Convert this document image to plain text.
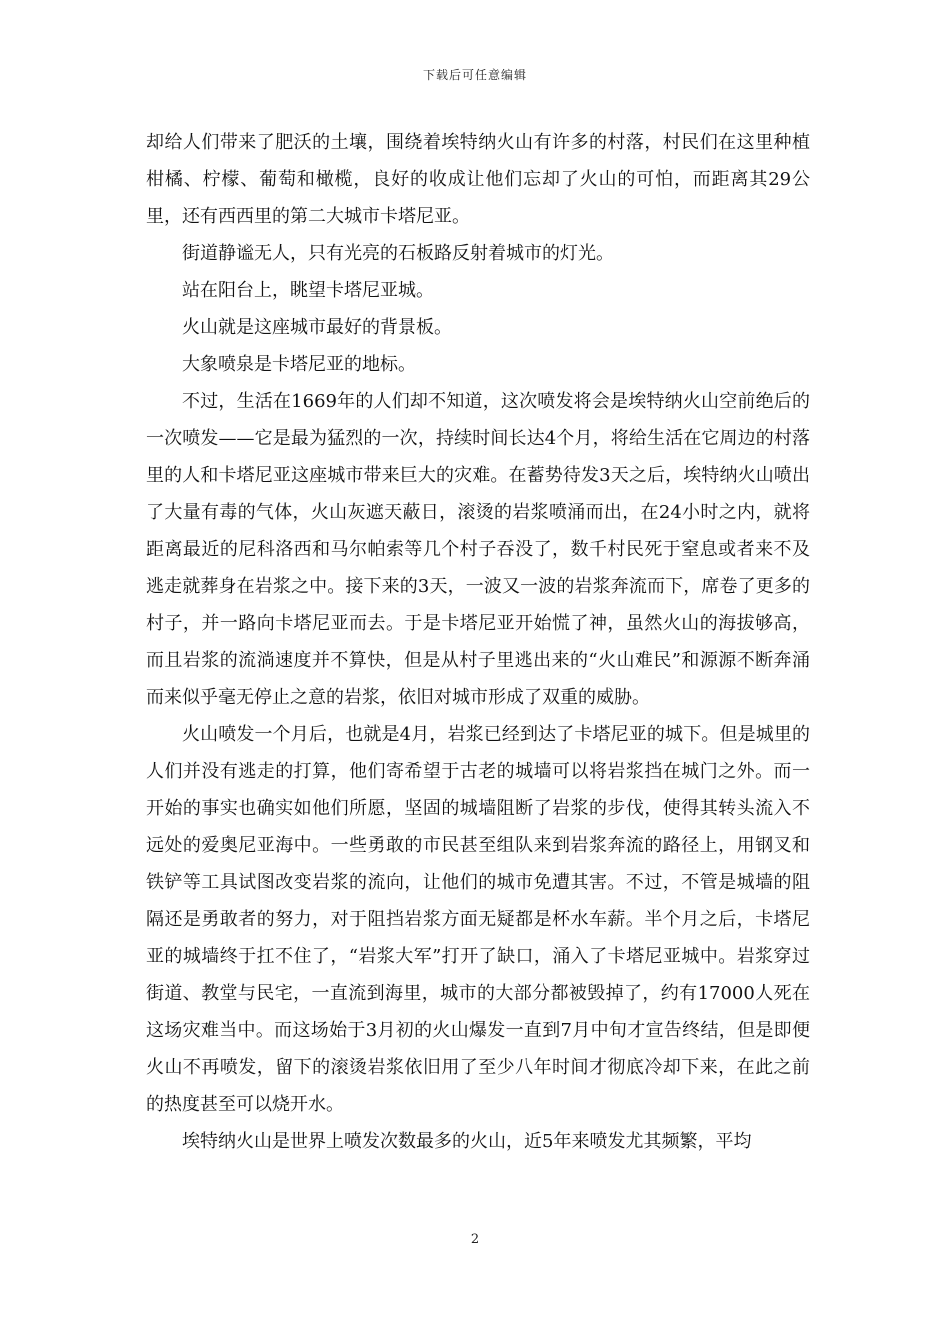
下载后可任意编辑

却给人们带来了肥沃的土壤，围绕着埃特纳火山有许多的村落，村民们在这里种植柑橘、柠檬、葡萄和橄榄，良好的收成让他们忘却了火山的可怕，而距离其29公里，还有西西里的第二大城市卡塔尼亚。

街道静谧无人，只有光亮的石板路反射着城市的灯光。

站在阳台上，眺望卡塔尼亚城。

火山就是这座城市最好的背景板。

大象喷泉是卡塔尼亚的地标。

不过，生活在1669年的人们却不知道，这次喷发将会是埃特纳火山空前绝后的一次喷发——它是最为猛烈的一次，持续时间长达4个月，将给生活在它周边的村落里的人和卡塔尼亚这座城市带来巨大的灾难。在蓄势待发3天之后，埃特纳火山喷出了大量有毒的气体，火山灰遮天蔽日，滚烫的岩浆喷涌而出，在24小时之内，就将距离最近的尼科洛西和马尔帕索等几个村子吞没了，数千村民死于窒息或者来不及逃走就葬身在岩浆之中。接下来的3天，一波又一波的岩浆奔流而下，席卷了更多的村子，并一路向卡塔尼亚而去。于是卡塔尼亚开始慌了神，虽然火山的海拔够高，而且岩浆的流淌速度并不算快，但是从村子里逃出来的“火山难民”和源源不断奔涌而来似乎毫无停止之意的岩浆，依旧对城市形成了双重的威胁。

火山喷发一个月后，也就是4月，岩浆已经到达了卡塔尼亚的城下。但是城里的人们并没有逃走的打算，他们寄希望于古老的城墙可以将岩浆挡在城门之外。而一开始的事实也确实如他们所愿，坚固的城墙阻断了岩浆的步伐，使得其转头流入不远处的爱奥尼亚海中。一些勇敢的市民甚至组队来到岩浆奔流的路径上，用钢叉和铁铲等工具试图改变岩浆的流向，让他们的城市免遭其害。不过，不管是城墙的阻隔还是勇敢者的努力，对于阻挡岩浆方面无疑都是杯水车薪。半个月之后，卡塔尼亚的城墙终于扛不住了，“岩浆大军”打开了缺口，涌入了卡塔尼亚城中。岩浆穿过街道、教堂与民宅，一直流到海里，城市的大部分都被毁掉了，约有17000人死在这场灾难当中。而这场始于3月初的火山爆发一直到7月中旬才宣告终结，但是即便火山不再喷发，留下的滚烫岩浆依旧用了至少八年时间才彻底冷却下来，在此之前的热度甚至可以烧开水。

埃特纳火山是世界上喷发次数最多的火山，近5年来喷发尤其频繁，平均

2
